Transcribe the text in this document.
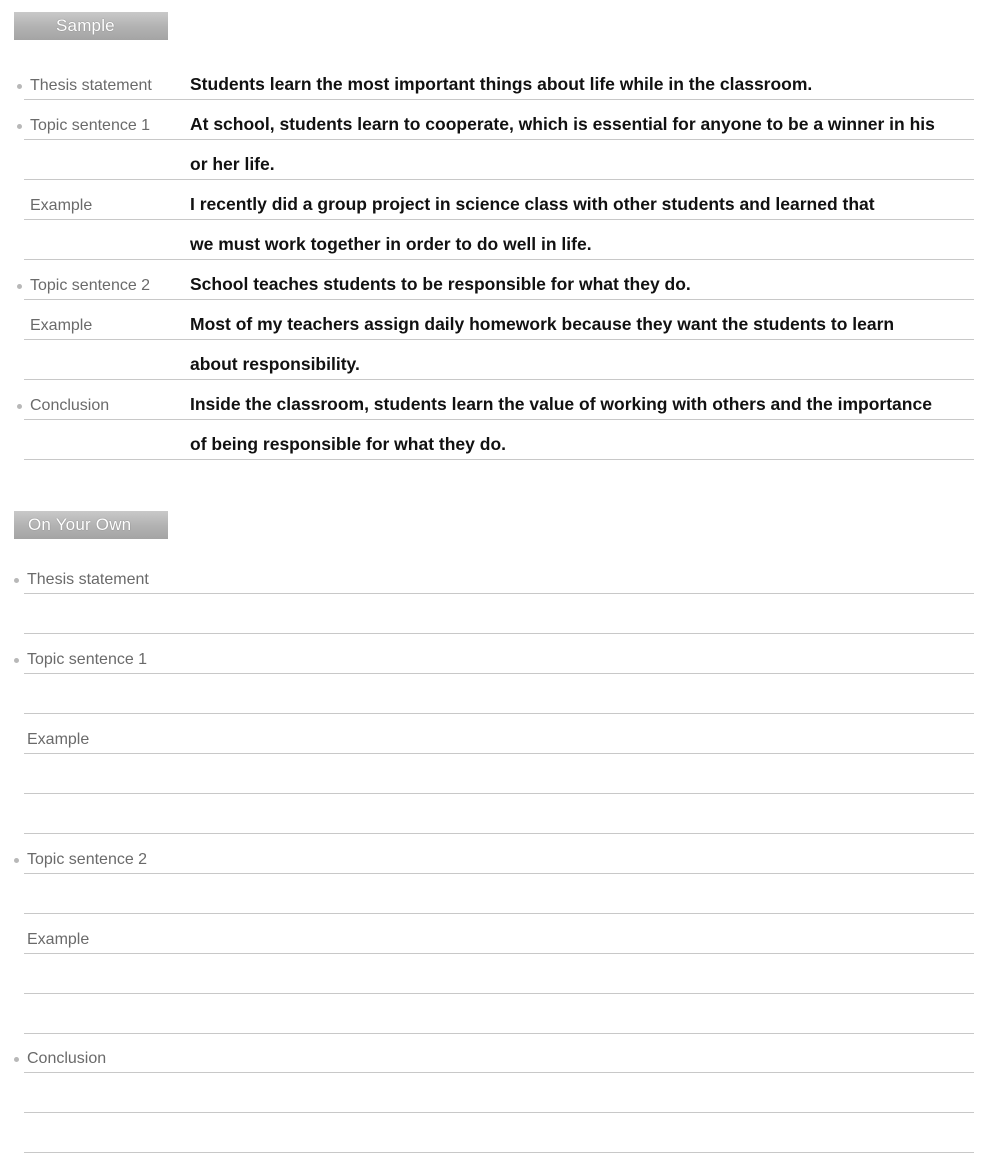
Sample
Thesis statement Students learn the most important things about life while in the classroom.
Topic sentence 1 At school, students learn to cooperate, which is essential for anyone to be a winner in his
or her life.
Example	I recently did a group project in science class with other students and learned that
we must work together in order to do well in life.
Topic sentence 2 School teaches students to be responsible for what they do.
Example	Most of my teachers assign daily homework because they want the students to learn
about responsibility.
Conclusion	Inside the classroom, students learn the value of working with others and the importance
of being responsible for what they do.
On Your Own
Thesis statement
Topic sentence 1
Example
Topic sentence 2
Example
Conclusion
